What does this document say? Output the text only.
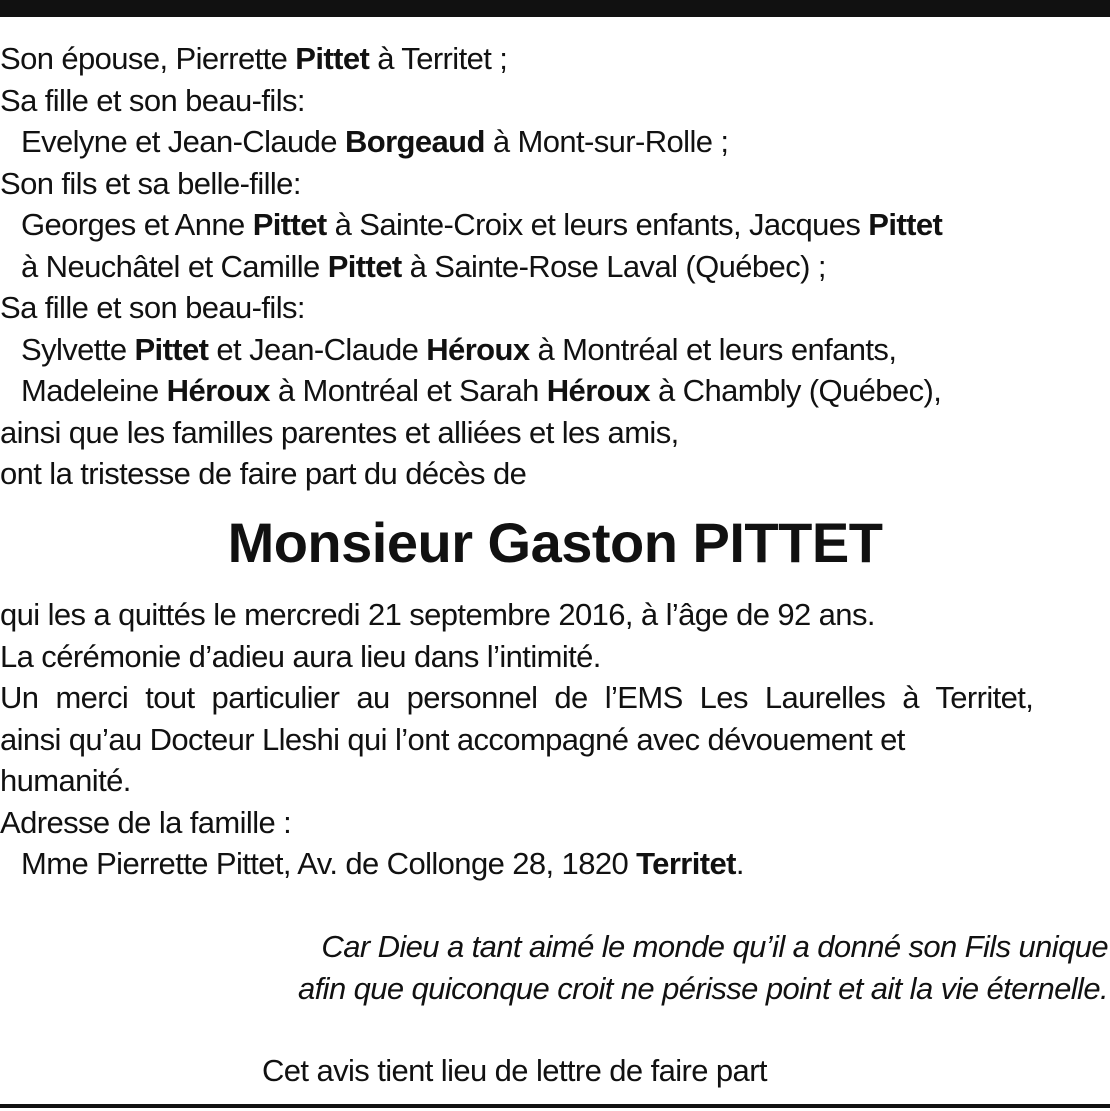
Son épouse, Pierrette Pittet à Territet ;
Sa fille et son beau-fils:
Evelyne et Jean-Claude Borgeaud à Mont-sur-Rolle ;
Son fils et sa belle-fille:
Georges et Anne Pittet à Sainte-Croix et leurs enfants, Jacques Pittet
à Neuchâtel et Camille Pittet à Sainte-Rose Laval (Québec) ;
Sa fille et son beau-fils:
Sylvette Pittet et Jean-Claude Héroux à Montréal et leurs enfants,
Madeleine Héroux à Montréal et Sarah Héroux à Chambly (Québec),
ainsi que les familles parentes et alliées et les amis,
ont la tristesse de faire part du décès de
Monsieur Gaston PITTET
qui les a quittés le mercredi 21 septembre 2016, à l’âge de 92 ans.
La cérémonie d’adieu aura lieu dans l’intimité.
Un merci tout particulier au personnel de l’EMS Les Laurelles à Territet,
ainsi qu’au Docteur Lleshi qui l’ont accompagné avec dévouement et
humanité.
Adresse de la famille :
Mme Pierrette Pittet, Av. de Collonge 28, 1820 Territet.
Car Dieu a tant aimé le monde qu’il a donné son Fils unique
afin que quiconque croit ne périsse point et ait la vie éternelle.
Cet avis tient lieu de lettre de faire part
